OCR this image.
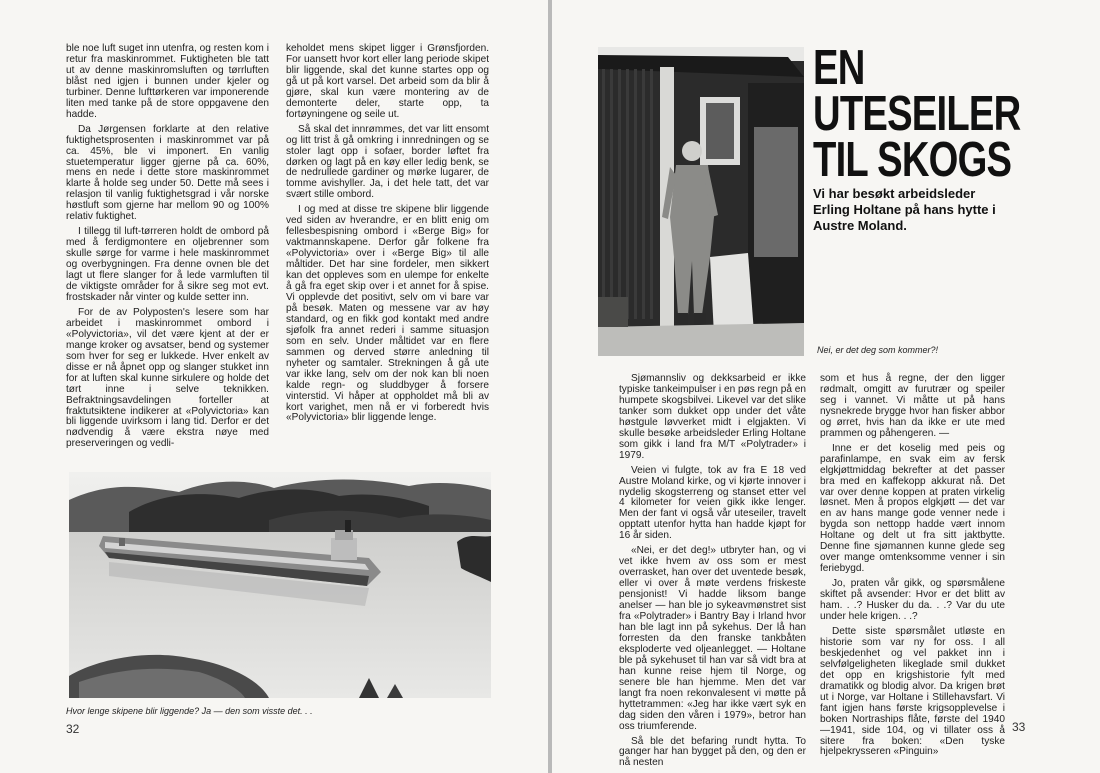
ble noe luft suget inn utenfra, og resten kom i retur fra maskinrommet. Fuktigheten ble tatt ut av denne maskinromsluften og tørrluften blåst ned igjen i bunnen under kjeler og turbiner. Denne lufttørkeren var imponerende liten med tanke på de store oppgavene den hadde.

Da Jørgensen forklarte at den relative fuktighetsprosenten i maskinrommet var på ca. 45%, ble vi imponert. En vanlig stuetemperatur ligger gjerne på ca. 60%, mens en nede i dette store maskinrommet klarte å holde seg under 50. Dette må sees i relasjon til vanlig fuktighetsgrad i vår norske høstluft som gjerne har mellom 90 og 100% relativ fuktighet.

I tillegg til luft-tørreren holdt de ombord på med å ferdigmontere en oljebrenner som skulle sørge for varme i hele maskinrommet og overbygningen. Fra denne ovnen ble det lagt ut flere slanger for å lede varmluften til de viktigste områder for å sikre seg mot evt. frostskader når vinter og kulde setter inn.

For de av Polyposten's lesere som har arbeidet i maskinrommet ombord i «Polyvictoria», vil det være kjent at der er mange kroker og avsatser, bend og systemer som hver for seg er lukkede. Hver enkelt av disse er nå åpnet opp og slanger stukket inn for at luften skal kunne sirkulere og holde det tørt inne i selve teknikken. Befraktningsavdelingen forteller at fraktutsiktene indikerer at «Polyvictoria» kan bli liggende uvirksom i lang tid. Derfor er det nødvendig å være ekstra nøye med preserveringen og vedli-

keholdet mens skipet ligger i Grønsfjorden. For uansett hvor kort eller lang periode skipet blir liggende, skal det kunne startes opp og gå ut på kort varsel. Det arbeid som da blir å gjøre, skal kun være montering av de demonterte deler, starte opp, ta fortøyningene og seile ut.

Så skal det innrømmes, det var litt ensomt og litt trist å gå omkring i innredningen og se stoler lagt opp i sofaer, border løftet fra dørken og lagt på en køy eller ledig benk, se de nedrullede gardiner og mørke lugarer, de tomme avishyller. Ja, i det hele tatt, det var svært stille ombord.

I og med at disse tre skipene blir liggende ved siden av hverandre, er en blitt enig om fellesbespisning ombord i «Berge Big» for vaktmannskapene. Derfor går folkene fra «Polyvictoria» over i «Berge Big» til alle måltider. Det har sine fordeler, men sikkert kan det oppleves som en ulempe for enkelte å gå fra eget skip over i et annet for å spise. Vi opplevde det positivt, selv om vi bare var på besøk. Maten og messene var av høy standard, og en fikk god kontakt med andre sjøfolk fra annet rederi i samme situasjon som en selv. Under måltidet var en flere sammen og derved større anledning til nyheter og samtaler. Strekningen å gå ute var ikke lang, selv om der nok kan bli noen kalde regn- og sluddbyger å forsere vinterstid. Vi håper at oppholdet må bli av kort varighet, men nå er vi forberedt hvis «Polyvictoria» blir liggende lenge.

Hvor lenge skipene blir liggende? Ja — den som visste det. . .
32
EN
UTESEILER
TIL SKOGS
Vi har besøkt arbeidsleder Erling Holtane på hans hytte i Austre Moland.
Nei, er det deg som kommer?!

Sjømannsliv og dekksarbeid er ikke typiske tankeimpulser i en pøs regn på en humpete skogsbilvei. Likevel var det slike tanker som dukket opp under det våte høstgule løvverket midt i elgjakten. Vi skulle besøke arbeidsleder Erling Holtane som gikk i land fra M/T «Polytrader» i 1979.

Veien vi fulgte, tok av fra E 18 ved Austre Moland kirke, og vi kjørte innover i nydelig skogsterreng og stanset etter vel 4 kilometer for veien gikk ikke lenger. Men der fant vi også vår uteseiler, travelt opptatt utenfor hytta han hadde kjøpt for 16 år siden.

«Nei, er det deg!» utbryter han, og vi vet ikke hvem av oss som er mest overrasket, han over det uventede besøk, eller vi over å møte verdens friskeste pensjonist! Vi hadde liksom bange anelser — han ble jo sykeavmønstret sist fra «Polytrader» i Bantry Bay i Irland hvor han ble lagt inn på sykehus. Der lå han forresten da den franske tankbåten eksploderte ved oljeanlegget. — Holtane ble på sykehuset til han var så vidt bra at han kunne reise hjem til Norge, og senere ble han hjemme. Men det var langt fra noen rekonvalesent vi møtte på hyttetrammen: «Jeg har ikke vært syk en dag siden den våren i 1979», betror han oss triumferende.

Så ble det befaring rundt hytta. To ganger har han bygget på den, og den er nå nesten

som et hus å regne, der den ligger rødmalt, omgitt av furutrær og speiler seg i vannet. Vi måtte ut på hans nysnekrede brygge hvor han fisker abbor og ørret, hvis han da ikke er ute med prammen og påhengeren. —

Inne er det koselig med peis og parafinlampe, en svak eim av fersk elgkjøttmiddag bekrefter at det passer bra med en kaffekopp akkurat nå. Det var over denne koppen at praten virkelig løsnet. Men å propos elgkjøtt — det var en av hans mange gode venner nede i bygda son nettopp hadde vært innom Holtane og delt ut fra sitt jaktbytte. Denne fine sjømannen kunne glede seg over mange omtenksomme venner i sin feriebygd.

Jo, praten vår gikk, og spørsmålene skiftet på avsender: Hvor er det blitt av ham. . .? Husker du da. . .? Var du ute under hele krigen. . .?

Dette siste spørsmålet utløste en historie som var ny for oss. I all beskjedenhet og vel pakket inn i selvfølgeligheten likeglade smil dukket det opp en krigshistorie fylt med dramatikk og blodig alvor. Da krigen brøt ut i Norge, var Holtane i Stillehavsfart. Vi fant igjen hans første krigsopplevelse i boken Nortraships flåte, første del 1940—1941, side 104, og vi tillater oss å sitere fra boken: «Den tyske hjelpekrysseren «Pinguin»

33
